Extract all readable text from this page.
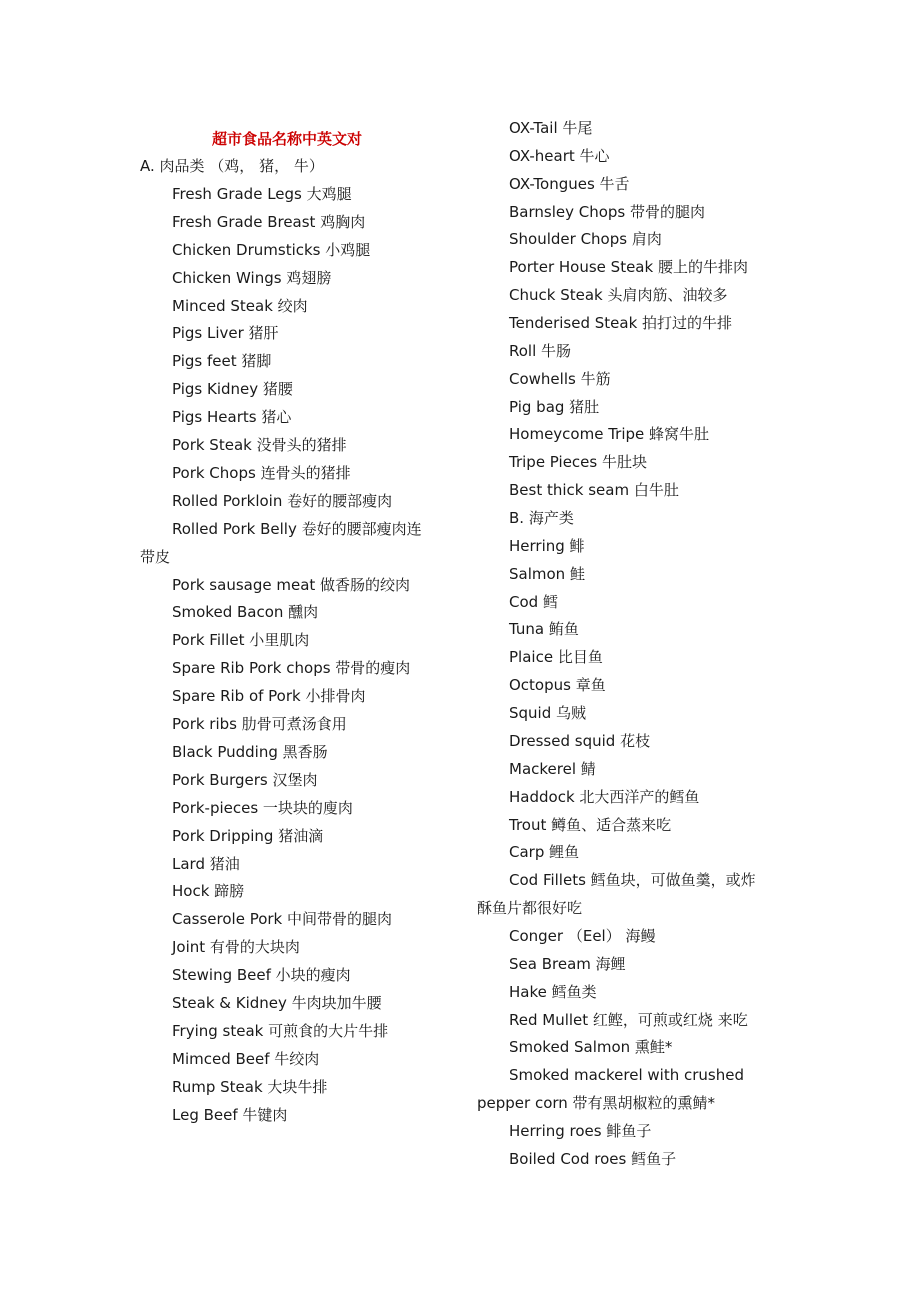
超市食品名称中英文对
A. 肉品类 （鸡， 猪， 牛）
Fresh Grade Legs 大鸡腿
Fresh Grade Breast 鸡胸肉
Chicken Drumsticks 小鸡腿
Chicken Wings 鸡翅膀
Minced Steak 绞肉
Pigs Liver 猪肝
Pigs feet 猪脚
Pigs Kidney 猪腰
Pigs Hearts 猪心
Pork Steak 没骨头的猪排
Pork Chops 连骨头的猪排
Rolled Porkloin 卷好的腰部瘦肉
Rolled Pork Belly 卷好的腰部瘦肉连
带皮
Pork sausage meat 做香肠的绞肉
Smoked Bacon 醺肉
Pork Fillet 小里肌肉
Spare Rib Pork chops 带骨的瘦肉
Spare Rib of Pork 小排骨肉
Pork ribs 肋骨可煮汤食用
Black Pudding 黑香肠
Pork Burgers 汉堡肉
Pork-pieces 一块块的廋肉
Pork Dripping 猪油滴
Lard 猪油
Hock 蹄膀
Casserole Pork 中间带骨的腿肉
Joint 有骨的大块肉
Stewing Beef 小块的瘦肉
Steak & Kidney 牛肉块加牛腰
Frying steak 可煎食的大片牛排
Mimced Beef 牛绞肉
Rump Steak 大块牛排
Leg Beef 牛键肉
OX-Tail 牛尾
OX-heart 牛心
OX-Tongues 牛舌
Barnsley Chops 带骨的腿肉
Shoulder Chops 肩肉
Porter House Steak 腰上的牛排肉
Chuck Steak 头肩肉筋、油较多
Tenderised Steak 拍打过的牛排
Roll 牛肠
Cowhells 牛筋
Pig bag 猪肚
Homeycome Tripe 蜂窝牛肚
Tripe Pieces 牛肚块
Best thick seam 白牛肚
B. 海产类
Herring 鲱
Salmon 鲑
Cod 鳕
Tuna 鲔鱼
Plaice 比目鱼
Octopus 章鱼
Squid 乌贼
Dressed squid 花枝
Mackerel 鲭
Haddock 北大西洋产的鳕鱼
Trout 鳟鱼、适合蒸来吃
Carp 鲤鱼
Cod Fillets 鳕鱼块，可做鱼羹，或炸
酥鱼片都很好吃
Conger （Eel） 海鳗
Sea Bream 海鲤
Hake 鳕鱼类
Red Mullet 红鲣，可煎或红烧 来吃
Smoked Salmon 熏鲑*
Smoked mackerel with crushed
pepper corn 带有黑胡椒粒的熏鲭*
Herring roes 鲱鱼子
Boiled Cod roes 鳕鱼子
